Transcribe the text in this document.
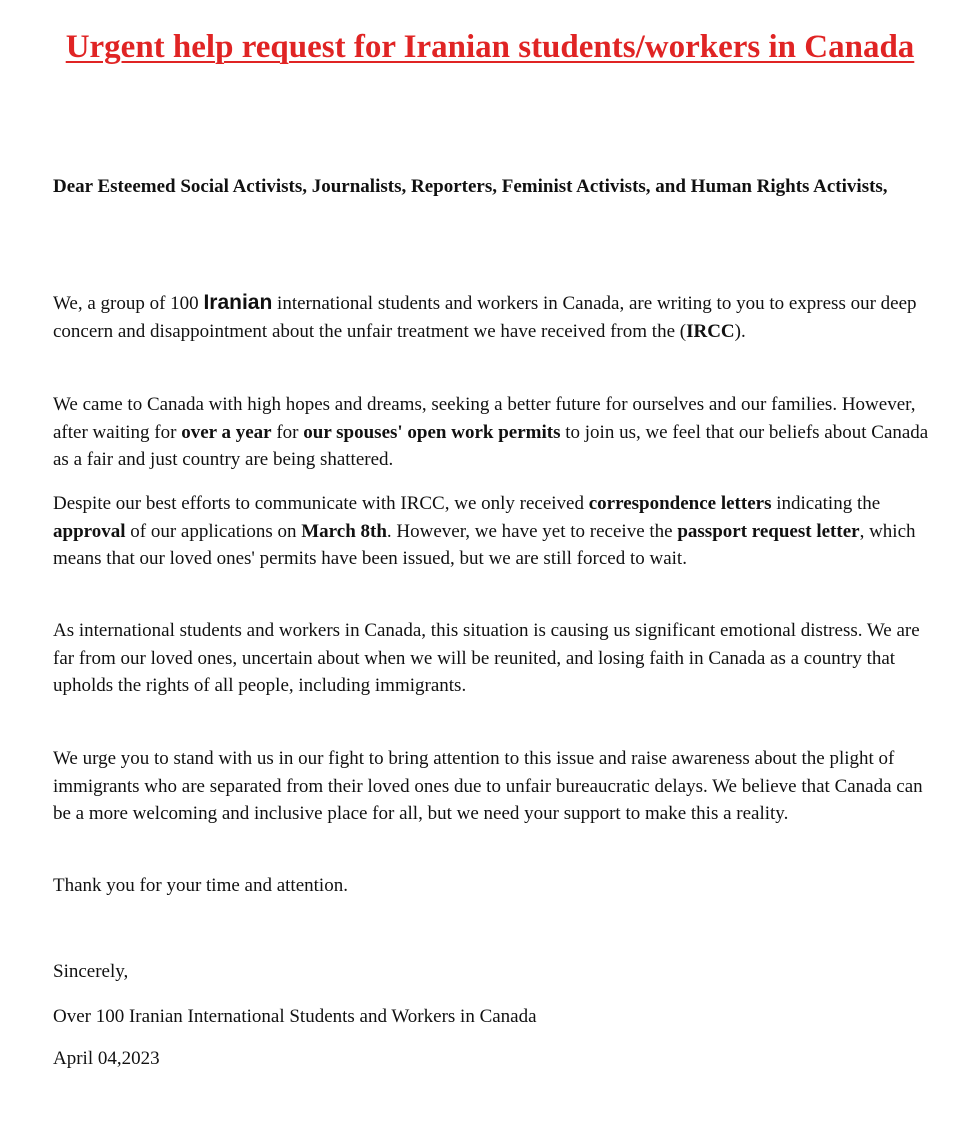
Urgent help request for Iranian students/workers in Canada

Dear Esteemed Social Activists, Journalists, Reporters, Feminist Activists, and Human Rights Activists,

We, a group of 100 Iranian international students and workers in Canada, are writing to you to express our deep concern and disappointment about the unfair treatment we have received from the (IRCC).

We came to Canada with high hopes and dreams, seeking a better future for ourselves and our families. However, after waiting for over a year for our spouses' open work permits to join us, we feel that our beliefs about Canada as a fair and just country are being shattered.

Despite our best efforts to communicate with IRCC, we only received correspondence letters indicating the approval of our applications on March 8th. However, we have yet to receive the passport request letter, which means that our loved ones' permits have been issued, but we are still forced to wait.

As international students and workers in Canada, this situation is causing us significant emotional distress. We are far from our loved ones, uncertain about when we will be reunited, and losing faith in Canada as a country that upholds the rights of all people, including immigrants.

We urge you to stand with us in our fight to bring attention to this issue and raise awareness about the plight of immigrants who are separated from their loved ones due to unfair bureaucratic delays. We believe that Canada can be a more welcoming and inclusive place for all, but we need your support to make this a reality.

Thank you for your time and attention.

Sincerely,

Over 100 Iranian International Students and Workers in Canada

April 04,2023
